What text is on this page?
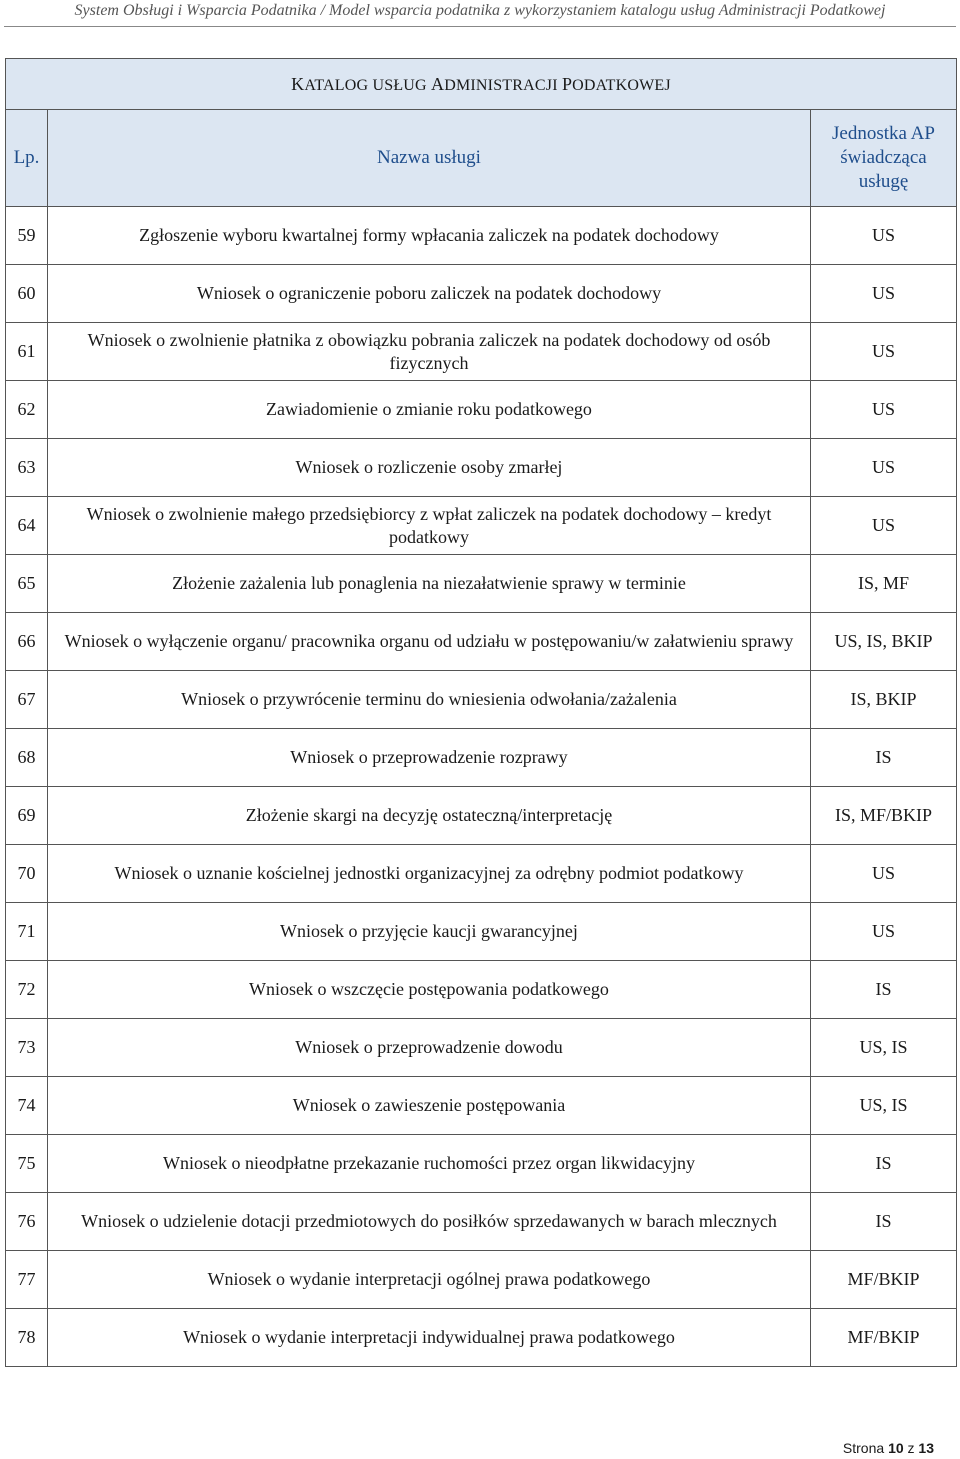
System Obsługi i Wsparcia Podatnika / Model wsparcia podatnika z wykorzystaniem katalogu usług Administracji Podatkowej
KATALOG USŁUG ADMINISTRACJI PODATKOWEJ		
Lp.	Nazwa usługi	Jednostka AP świadcząca usługę
59	Zgłoszenie wyboru kwartalnej formy wpłacania zaliczek na podatek dochodowy	US
60	Wniosek o ograniczenie poboru zaliczek na podatek dochodowy	US
61	Wniosek o zwolnienie płatnika z obowiązku pobrania zaliczek na podatek dochodowy od osób fizycznych	US
62	Zawiadomienie o zmianie roku podatkowego	US
63	Wniosek o rozliczenie osoby zmarłej	US
64	Wniosek o zwolnienie małego przedsiębiorcy z wpłat zaliczek na podatek dochodowy – kredyt podatkowy	US
65	Złożenie zażalenia lub ponaglenia na niezałatwienie sprawy w terminie	IS, MF
66	Wniosek o wyłączenie organu/ pracownika organu od udziału w postępowaniu/w załatwieniu sprawy	US, IS, BKIP
67	Wniosek o przywrócenie terminu do wniesienia odwołania/zażalenia	IS, BKIP
68	Wniosek o przeprowadzenie rozprawy	IS
69	Złożenie skargi na decyzję ostateczną/interpretację	IS, MF/BKIP
70	Wniosek o uznanie kościelnej jednostki organizacyjnej za odrębny podmiot podatkowy	US
71	Wniosek o przyjęcie kaucji gwarancyjnej	US
72	Wniosek o wszczęcie postępowania podatkowego	IS
73	Wniosek o przeprowadzenie dowodu	US, IS
74	Wniosek o zawieszenie postępowania	US, IS
75	Wniosek o nieodpłatne przekazanie ruchomości przez organ likwidacyjny	IS
76	Wniosek o udzielenie dotacji przedmiotowych do posiłków sprzedawanych w barach mlecznych	IS
77	Wniosek o wydanie interpretacji ogólnej prawa podatkowego	MF/BKIP
78	Wniosek o wydanie interpretacji indywidualnej prawa podatkowego	MF/BKIP
Strona 10 z 13
